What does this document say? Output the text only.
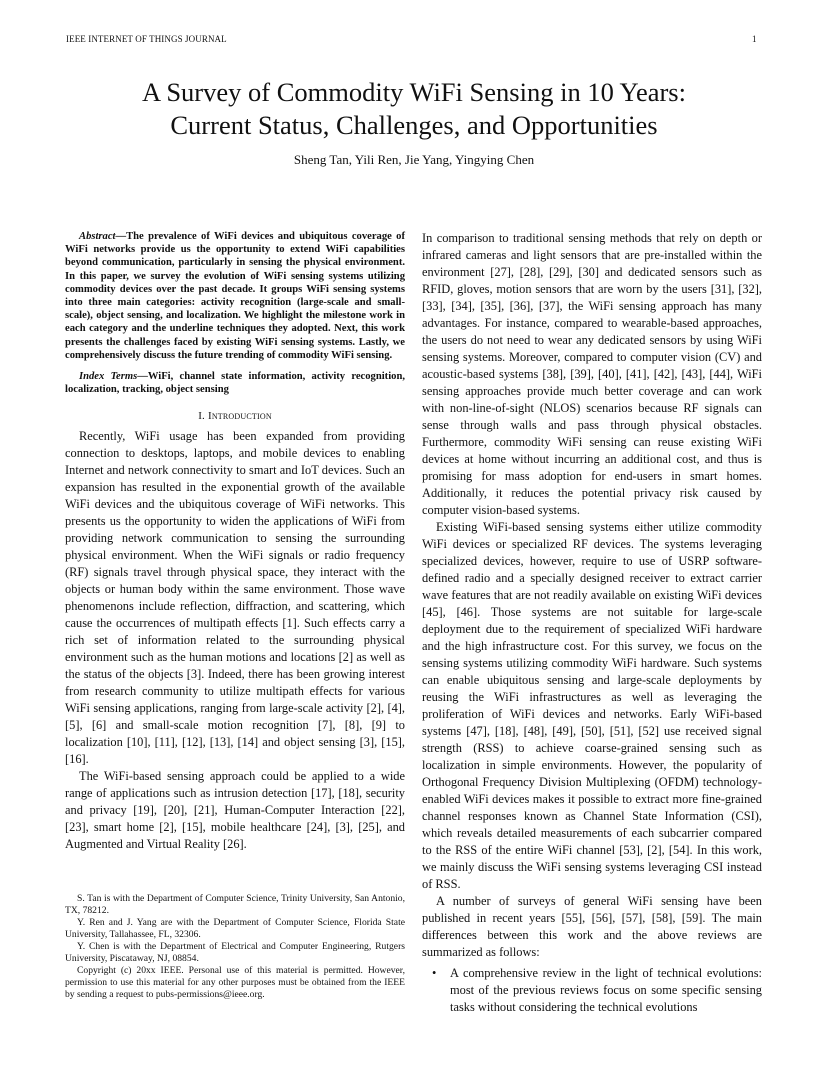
IEEE INTERNET OF THINGS JOURNAL	1
A Survey of Commodity WiFi Sensing in 10 Years:
Current Status, Challenges, and Opportunities
Sheng Tan, Yili Ren, Jie Yang, Yingying Chen

Abstract—The prevalence of WiFi devices and ubiquitous coverage of WiFi networks provide us the opportunity to extend WiFi capabilities beyond communication, particularly in sensing the physical environment. In this paper, we survey the evolution of WiFi sensing systems utilizing commodity devices over the past decade. It groups WiFi sensing systems into three main categories: activity recognition (large-scale and small-scale), object sensing, and localization. We highlight the milestone work in each category and the underline techniques they adopted. Next, this work presents the challenges faced by existing WiFi sensing systems. Lastly, we comprehensively discuss the future trending of commodity WiFi sensing.

Index Terms—WiFi, channel state information, activity recognition, localization, tracking, object sensing

I. Introduction

Recently, WiFi usage has been expanded from providing connection to desktops, laptops, and mobile devices to enabling Internet and network connectivity to smart and IoT devices. Such an expansion has resulted in the exponential growth of the available WiFi devices and the ubiquitous coverage of WiFi networks. This presents us the opportunity to widen the applications of WiFi from providing network communication to sensing the surrounding physical environment. When the WiFi signals or radio frequency (RF) signals travel through physical space, they interact with the objects or human body within the same environment. Those wave phenomenons include reflection, diffraction, and scattering, which cause the occurrences of multipath effects [1]. Such effects carry a rich set of information related to the surrounding physical environment such as the human motions and locations [2] as well as the status of the objects [3]. Indeed, there has been growing interest from research community to utilize multipath effects for various WiFi sensing applications, ranging from large-scale activity [2], [4], [5], [6] and small-scale motion recognition [7], [8], [9] to localization [10], [11], [12], [13], [14] and object sensing [3], [15], [16].

The WiFi-based sensing approach could be applied to a wide range of applications such as intrusion detection [17], [18], security and privacy [19], [20], [21], Human-Computer Interaction [22], [23], smart home [2], [15], mobile healthcare [24], [3], [25], and Augmented and Virtual Reality [26].

S. Tan is with the Department of Computer Science, Trinity University, San Antonio, TX, 78212.

Y. Ren and J. Yang are with the Department of Computer Science, Florida State University, Tallahassee, FL, 32306.

Y. Chen is with the Department of Electrical and Computer Engineering, Rutgers University, Piscataway, NJ, 08854.

Copyright (c) 20xx IEEE. Personal use of this material is permitted. However, permission to use this material for any other purposes must be obtained from the IEEE by sending a request to pubs-permissions@ieee.org.

In comparison to traditional sensing methods that rely on depth or infrared cameras and light sensors that are pre-installed within the environment [27], [28], [29], [30] and dedicated sensors such as RFID, gloves, motion sensors that are worn by the users [31], [32], [33], [34], [35], [36], [37], the WiFi sensing approach has many advantages. For instance, compared to wearable-based approaches, the users do not need to wear any dedicated sensors by using WiFi sensing systems. Moreover, compared to computer vision (CV) and acoustic-based systems [38], [39], [40], [41], [42], [43], [44], WiFi sensing approaches provide much better coverage and can work with non-line-of-sight (NLOS) scenarios because RF signals can sense through walls and pass through physical obstacles. Furthermore, commodity WiFi sensing can reuse existing WiFi devices at home without incurring an additional cost, and thus is promising for mass adoption for end-users in smart homes. Additionally, it reduces the potential privacy risk caused by computer vision-based systems.

Existing WiFi-based sensing systems either utilize commodity WiFi devices or specialized RF devices. The systems leveraging specialized devices, however, require to use of USRP software-defined radio and a specially designed receiver to extract carrier wave features that are not readily available on existing WiFi devices [45], [46]. Those systems are not suitable for large-scale deployment due to the requirement of specialized WiFi hardware and the high infrastructure cost. For this survey, we focus on the sensing systems utilizing commodity WiFi hardware. Such systems can enable ubiquitous sensing and large-scale deployments by reusing the WiFi infrastructures as well as leveraging the proliferation of WiFi devices and networks. Early WiFi-based systems [47], [18], [48], [49], [50], [51], [52] use received signal strength (RSS) to achieve coarse-grained sensing such as localization in simple environments. However, the popularity of Orthogonal Frequency Division Multiplexing (OFDM) technology-enabled WiFi devices makes it possible to extract more fine-grained channel responses known as Channel State Information (CSI), which reveals detailed measurements of each subcarrier compared to the RSS of the entire WiFi channel [53], [2], [54]. In this work, we mainly discuss the WiFi sensing systems leveraging CSI instead of RSS.

A number of surveys of general WiFi sensing have been published in recent years [55], [56], [57], [58], [59]. The main differences between this work and the above reviews are summarized as follows:

• A comprehensive review in the light of technical evolutions: most of the previous reviews focus on some specific sensing tasks without considering the technical evolutions
